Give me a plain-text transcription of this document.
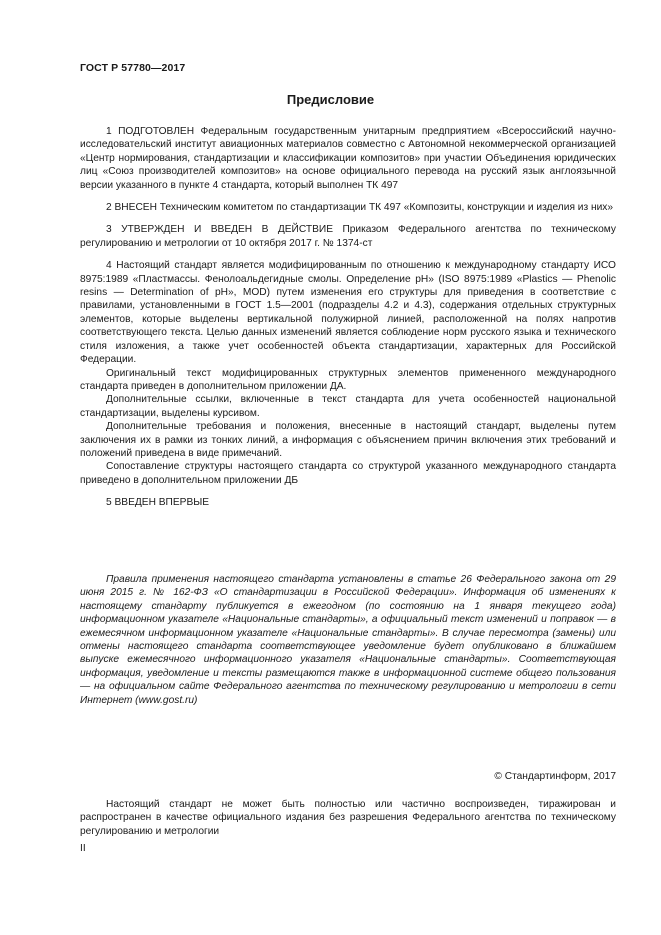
ГОСТ Р 57780—2017
Предисловие

1 ПОДГОТОВЛЕН Федеральным государственным унитарным предприятием «Всероссийский научно-исследовательский институт авиационных материалов совместно с Автономной некоммерческой организацией «Центр нормирования, стандартизации и классификации композитов» при участии Объединения юридических лиц «Союз производителей композитов» на основе официального перевода на русский язык англоязычной версии указанного в пункте 4 стандарта, который выполнен ТК 497

2 ВНЕСЕН Техническим комитетом по стандартизации ТК 497 «Композиты, конструкции и изделия из них»

3 УТВЕРЖДЕН И ВВЕДЕН В ДЕЙСТВИЕ Приказом Федерального агентства по техническому регулированию и метрологии от 10 октября 2017 г. № 1374-ст

4 Настоящий стандарт является модифицированным по отношению к международному стандарту ИСО 8975:1989 «Пластмассы. Фенолоальдегидные смолы. Определение pH» (ISO 8975:1989 «Plastics — Phenolic resins — Determination of pH», MOD) путем изменения его структуры для приведения в соответствие с правилами, установленными в ГОСТ 1.5—2001 (подразделы 4.2 и 4.3), содержания отдельных структурных элементов, которые выделены вертикальной полужирной линией, расположенной на полях напротив соответствующего текста. Целью данных изменений является соблюдение норм русского языка и технического стиля изложения, а также учет особенностей объекта стандартизации, характерных для Российской Федерации.

Оригинальный текст модифицированных структурных элементов примененного международного стандарта приведен в дополнительном приложении ДА.

Дополнительные ссылки, включенные в текст стандарта для учета особенностей национальной стандартизации, выделены курсивом.

Дополнительные требования и положения, внесенные в настоящий стандарт, выделены путем заключения их в рамки из тонких линий, а информация с объяснением причин включения этих требований и положений приведена в виде примечаний.

Сопоставление структуры настоящего стандарта со структурой указанного международного стандарта приведено в дополнительном приложении ДБ

5 ВВЕДЕН ВПЕРВЫЕ

Правила применения настоящего стандарта установлены в статье 26 Федерального закона от 29 июня 2015 г. № 162-ФЗ «О стандартизации в Российской Федерации». Информация об изменениях к настоящему стандарту публикуется в ежегодном (по состоянию на 1 января текущего года) информационном указателе «Национальные стандарты», а официальный текст изменений и поправок — в ежемесячном информационном указателе «Национальные стандарты». В случае пересмотра (замены) или отмены настоящего стандарта соответствующее уведомление будет опубликовано в ближайшем выпуске ежемесячного информационного указателя «Национальные стандарты». Соответствующая информация, уведомление и тексты размещаются также в информационной системе общего пользования — на официальном сайте Федерального агентства по техническому регулированию и метрологии в сети Интернет (www.gost.ru)

© Стандартинформ, 2017

Настоящий стандарт не может быть полностью или частично воспроизведен, тиражирован и распространен в качестве официального издания без разрешения Федерального агентства по техническому регулированию и метрологии

II
